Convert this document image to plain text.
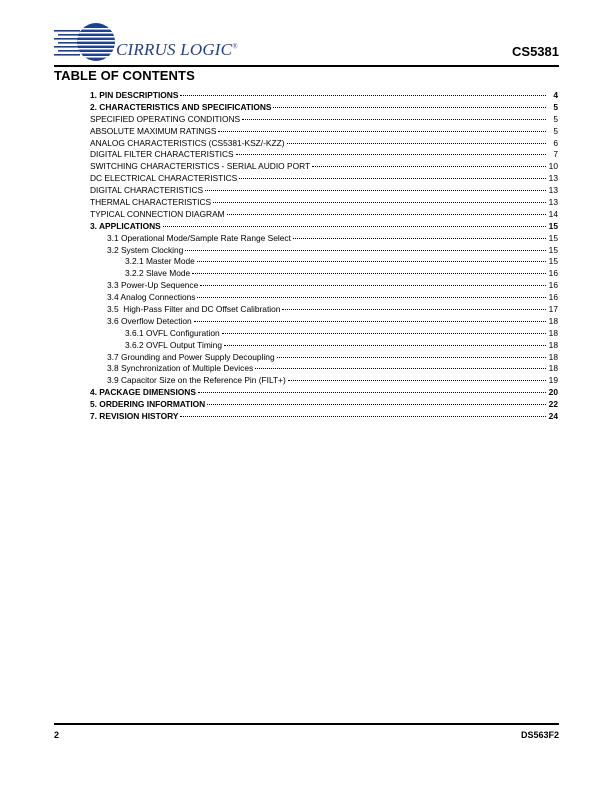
CIRRUS LOGIC®	CS5381
TABLE OF CONTENTS
1. PIN DESCRIPTIONS	4
2. CHARACTERISTICS AND SPECIFICATIONS	5
SPECIFIED OPERATING CONDITIONS	5
ABSOLUTE MAXIMUM RATINGS	5
ANALOG CHARACTERISTICS (CS5381-KSZ/-KZZ)	6
DIGITAL FILTER CHARACTERISTICS	7
SWITCHING CHARACTERISTICS - SERIAL AUDIO PORT	10
DC ELECTRICAL CHARACTERISTICS	13
DIGITAL CHARACTERISTICS	13
THERMAL CHARACTERISTICS	13
TYPICAL CONNECTION DIAGRAM	14
3. APPLICATIONS	15
3.1 Operational Mode/Sample Rate Range Select	15
3.2 System Clocking	15
3.2.1 Master Mode	15
3.2.2 Slave Mode	16
3.3 Power-Up Sequence	16
3.4 Analog Connections	16
3.5  High-Pass Filter and DC Offset Calibration	17
3.6 Overflow Detection	18
3.6.1 OVFL Configuration	18
3.6.2 OVFL Output Timing	18
3.7 Grounding and Power Supply Decoupling	18
3.8 Synchronization of Multiple Devices	18
3.9 Capacitor Size on the Reference Pin (FILT+)	19
4. PACKAGE DIMENSIONS	20
5. ORDERING INFORMATION	22
7. REVISION HISTORY	24
2	DS563F2
